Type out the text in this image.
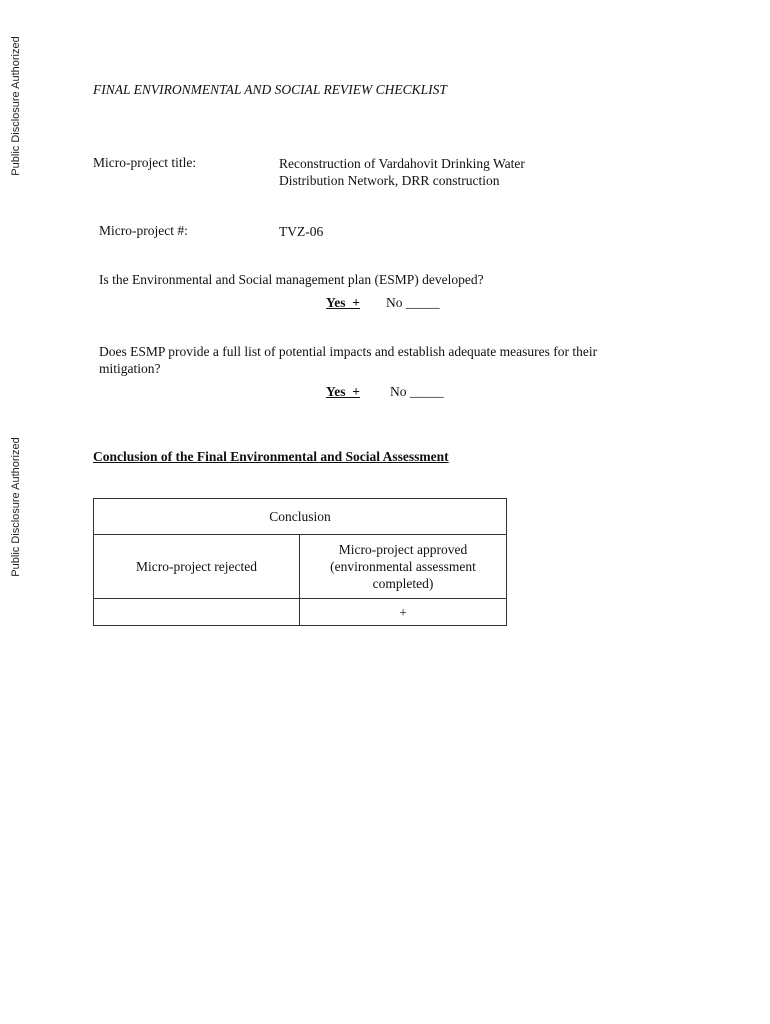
Public Disclosure Authorized
Public Disclosure Authorized
FINAL ENVIRONMENTAL AND SOCIAL REVIEW CHECKLIST
Micro-project title:	Reconstruction of Vardahovit Drinking Water
Distribution Network, DRR construction
Micro-project #:	TVZ-06
Is the Environmental and Social management plan (ESMP) developed?
Yes  + No _____
Does ESMP provide a full list of potential impacts and establish adequate measures for their
mitigation?
Yes  + No _____
Conclusion of the Final Environmental and Social Assessment
Conclusion	
Micro-project rejected	Micro-project approved
(environmental assessment
completed)

	+
